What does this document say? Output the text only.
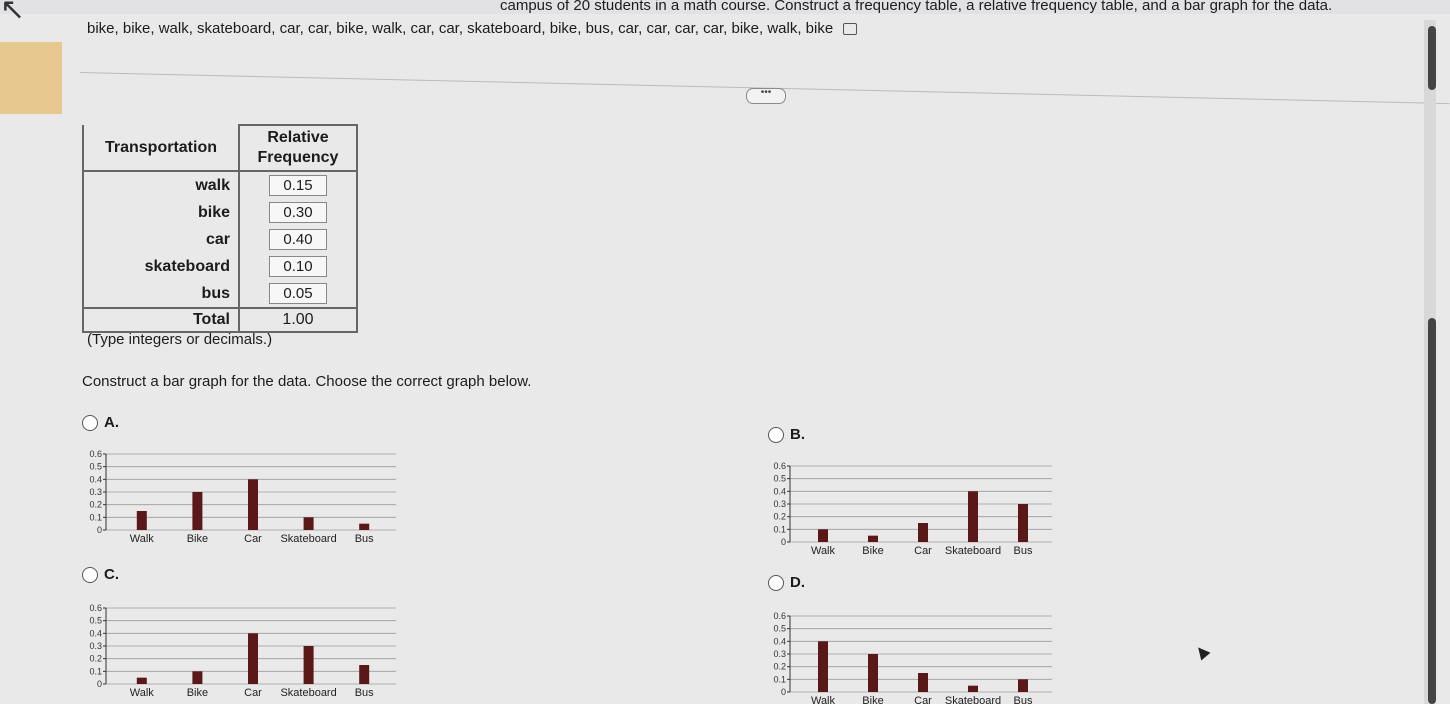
↖	campus of 20 students in a math course. Construct a frequency table, a relative frequency table, and a bar graph for the data.
bike, bike, walk, skateboard, car, car, bike, walk, car, car, skateboard, bike, bus, car, car, car, car, bike, walk, bike
•••
Transportation	Relative
Frequency
walk	0.15
bike	0.30
car	0.40
skateboard	0.10
bus	0.05
Total	1.00
(Type integers or decimals.)
Construct a bar graph for the data. Choose the correct graph below.
A.
B.
C.	D.
0.6
0.5
0.4
0.3
0.2
0.1
0
Walk	Bike	Car Skateboard Bus
0.6
0.5
0.4
0.3
0.2
0.1
0
Walk Bike	Car Skateboard Bus
0.6
0.5
0.4
0.3
0.2
0.1
0
Walk	Bike	Car Skateboard Bus
0.6
0.5
0.4
0.3
0.2
0.1
0
Walk Bike	Car Skateboard Bus
